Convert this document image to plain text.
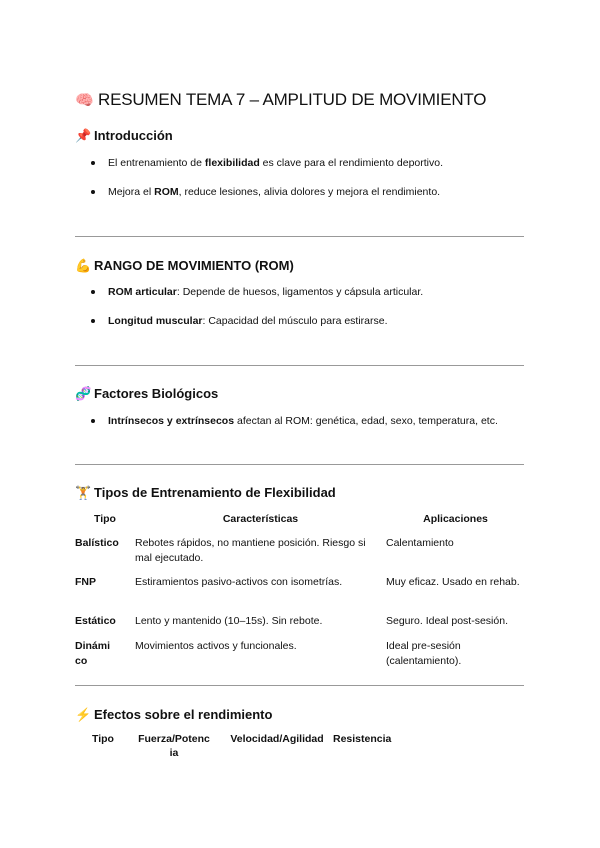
🧠 RESUMEN TEMA 7 – AMPLITUD DE MOVIMIENTO
📌 Introducción
El entrenamiento de flexibilidad es clave para el rendimiento deportivo.
Mejora el ROM, reduce lesiones, alivia dolores y mejora el rendimiento.
💪 RANGO DE MOVIMIENTO (ROM)
ROM articular: Depende de huesos, ligamentos y cápsula articular.
Longitud muscular: Capacidad del músculo para estirarse.
🧬 Factores Biológicos
Intrínsecos y extrínsecos afectan al ROM: genética, edad, sexo, temperatura, etc.
🏋 Tipos de Entrenamiento de Flexibilidad
Tipo	Características	Aplicaciones
Balístico	Rebotes rápidos, no mantiene posición. Riesgo si mal ejecutado.	Calentamiento
FNP	Estiramientos pasivo-activos con isometrías.	Muy eficaz. Usado en rehab.
Estático	Lento y mantenido (10–15s). Sin rebote.	Seguro. Ideal post-sesión.
Dinámico	Movimientos activos y funcionales.	Ideal pre-sesión (calentamiento).
⚡ Efectos sobre el rendimiento
Tipo	Fuerza/Potencia	Velocidad/Agilidad	Resistencia
